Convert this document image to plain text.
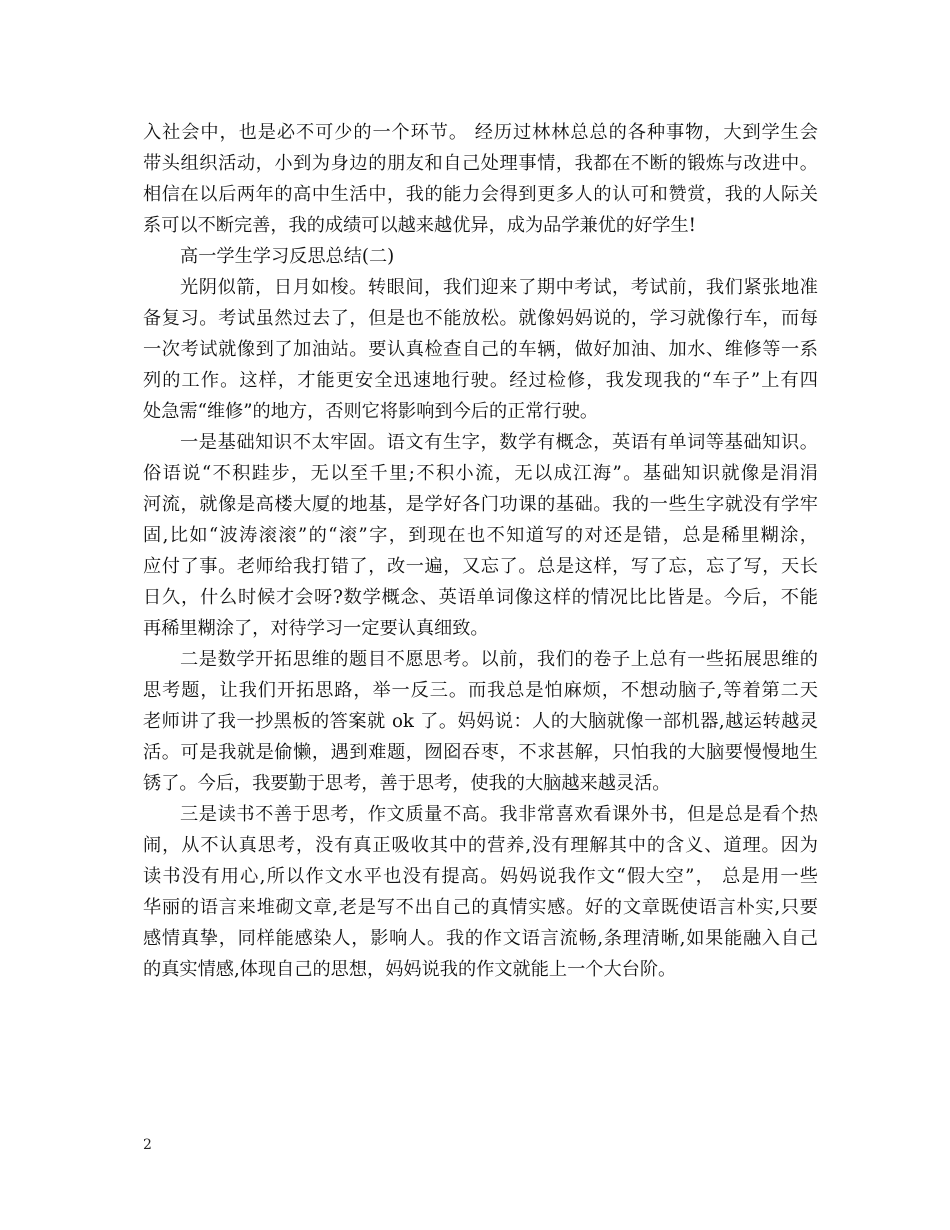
入社会中，也是必不可少的一个环节。 经历过林林总总的各种事物，大到学生会
带头组织活动，小到为身边的朋友和自己处理事情，我都在不断的锻炼与改进中。
相信在以后两年的高中生活中，我的能力会得到更多人的认可和赞赏，我的人际关
系可以不断完善，我的成绩可以越来越优异，成为品学兼优的好学生!
高一学生学习反思总结(二)
光阴似箭，日月如梭。转眼间，我们迎来了期中考试，考试前，我们紧张地准
备复习。考试虽然过去了，但是也不能放松。就像妈妈说的，学习就像行车，而每
一次考试就像到了加油站。要认真检查自己的车辆，做好加油、加水、维修等一系
列的工作。这样，才能更安全迅速地行驶。经过检修，我发现我的“车子”上有四
处急需“维修”的地方，否则它将影响到今后的正常行驶。
一是基础知识不太牢固。语文有生字，数学有概念，英语有单词等基础知识。
俗语说“不积跬步，无以至千里;不积小流，无以成江海”。基础知识就像是涓涓
河流，就像是高楼大厦的地基，是学好各门功课的基础。我的一些生字就没有学牢
固,比如“波涛滚滚”的“滚”字，到现在也不知道写的对还是错，总是稀里糊涂，
应付了事。老师给我打错了，改一遍，又忘了。总是这样，写了忘，忘了写，天长
日久，什么时候才会呀?数学概念、英语单词像这样的情况比比皆是。今后，不能
再稀里糊涂了，对待学习一定要认真细致。
二是数学开拓思维的题目不愿思考。以前，我们的卷子上总有一些拓展思维的
思考题，让我们开拓思路，举一反三。而我总是怕麻烦，不想动脑子,等着第二天
老师讲了我一抄黑板的答案就 ok 了。妈妈说：人的大脑就像一部机器,越运转越灵
活。可是我就是偷懒，遇到难题，囫囵吞枣，不求甚解，只怕我的大脑要慢慢地生
锈了。今后，我要勤于思考，善于思考，使我的大脑越来越灵活。
三是读书不善于思考，作文质量不高。我非常喜欢看课外书，但是总是看个热
闹，从不认真思考，没有真正吸收其中的营养,没有理解其中的含义、道理。因为
读书没有用心,所以作文水平也没有提高。妈妈说我作文“假大空”， 总是用一些
华丽的语言来堆砌文章,老是写不出自己的真情实感。好的文章既使语言朴实,只要
感情真挚，同样能感染人，影响人。我的作文语言流畅,条理清晰,如果能融入自己
的真实情感,体现自己的思想，妈妈说我的作文就能上一个大台阶。
2
